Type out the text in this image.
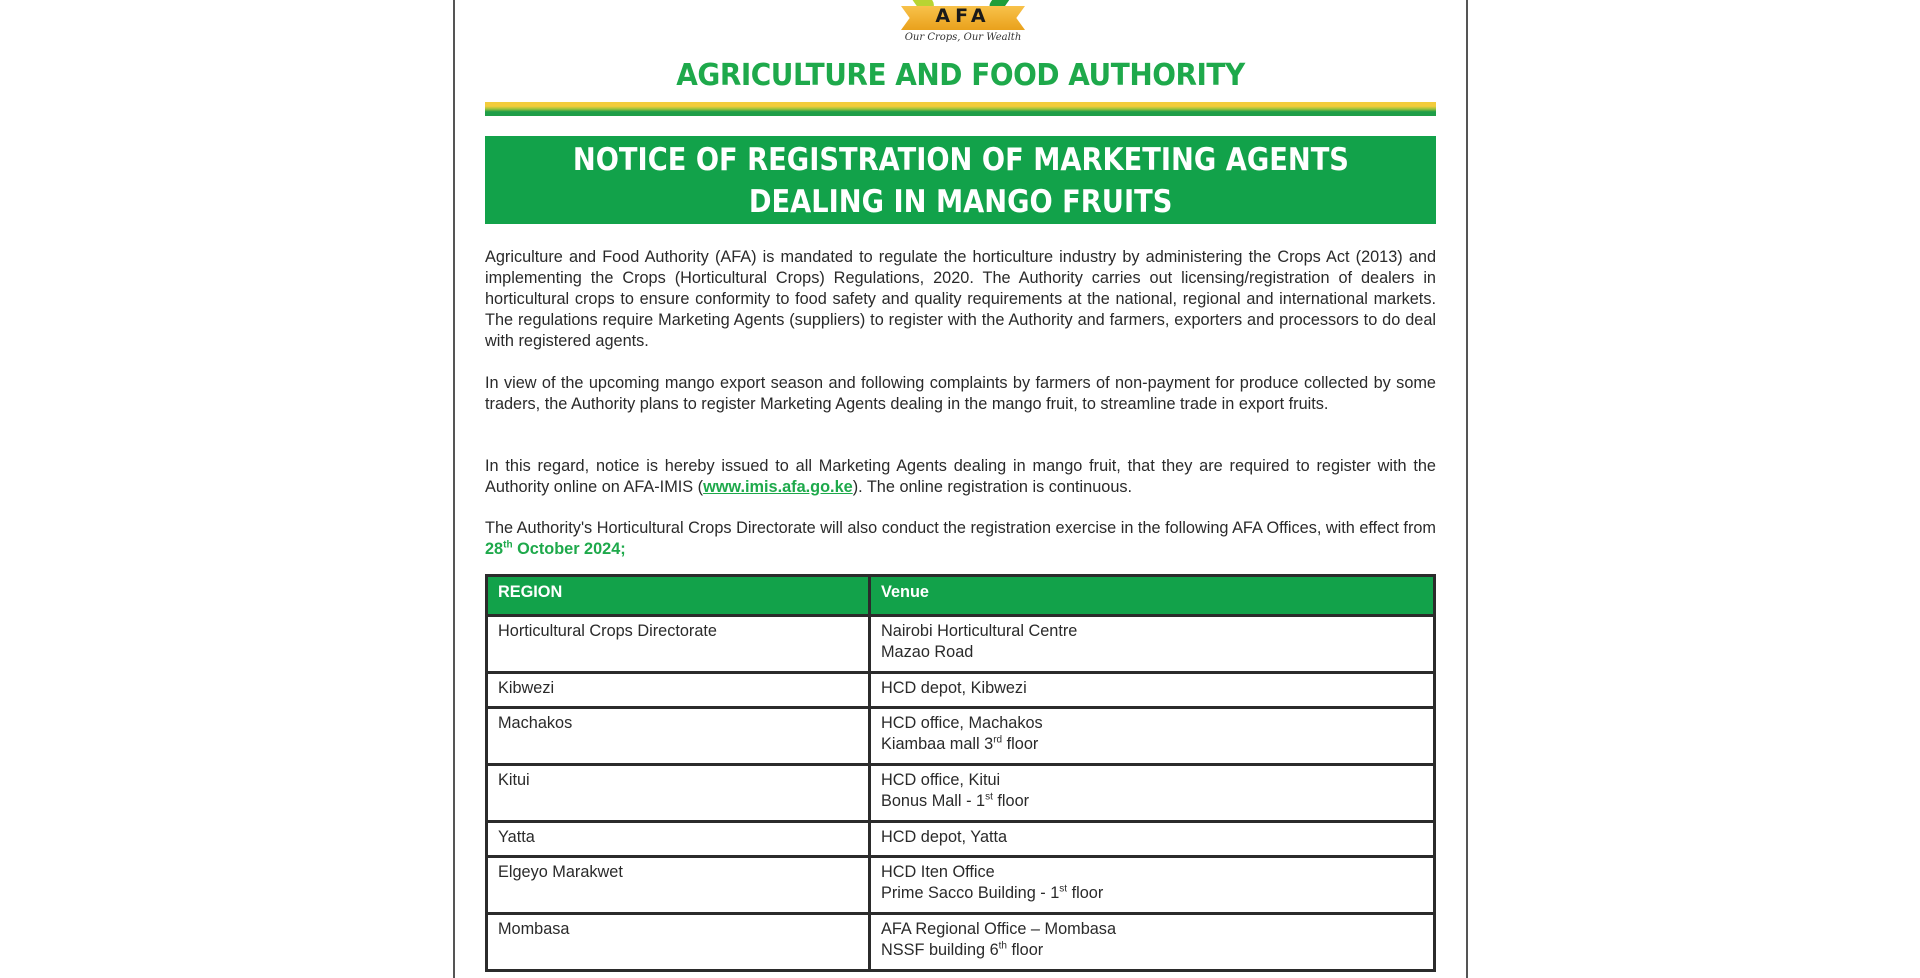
AFA
Our Crops, Our Wealth
AGRICULTURE AND FOOD AUTHORITY
NOTICE OF REGISTRATION OF MARKETING AGENTS
DEALING IN MANGO FRUITS
Agriculture and Food Authority (AFA) is mandated to regulate the horticulture industry by administering the Crops Act (2013) and implementing the Crops (Horticultural Crops) Regulations, 2020. The Authority carries out licensing/registration of dealers in horticultural crops to ensure conformity to food safety and quality requirements at the national, regional and international markets. The regulations require Marketing Agents (suppliers) to register with the Authority and farmers, exporters and processors to do deal with registered agents.
In view of the upcoming mango export season and following complaints by farmers of non-payment for produce collected by some traders, the Authority plans to register Marketing Agents dealing in the mango fruit, to streamline trade in export fruits.
In this regard, notice is hereby issued to all Marketing Agents dealing in mango fruit, that they are required to register with the Authority online on AFA-IMIS (www.imis.afa.go.ke). The online registration is continuous.
The Authority's Horticultural Crops Directorate will also conduct the registration exercise in the following AFA Offices, with effect from 28th October 2024;
REGION	Venue
Horticultural Crops Directorate	Nairobi Horticultural Centre
Mazao Road
Kibwezi	HCD depot, Kibwezi
Machakos	HCD office, Machakos
Kiambaa mall 3rd floor
Kitui	HCD office, Kitui
Bonus Mall - 1st floor
Yatta	HCD depot, Yatta
Elgeyo Marakwet	HCD Iten Office
Prime Sacco Building - 1st floor
Mombasa	AFA Regional Office – Mombasa
NSSF building 6th floor
